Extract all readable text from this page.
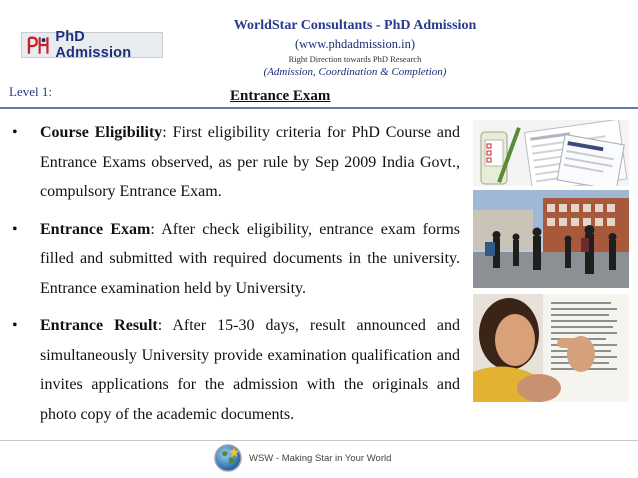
PhD Admission
WorldStar Consultants - PhD Admission
(www.phdadmission.in)
Right Direction towards PhD Research
(Admission, Coordination & Completion)
Level 1:	Entrance Exam
•	Course Eligibility: First eligibility criteria for PhD Course and Entrance Exams observed, as per rule by Sep 2009 India Govt., compulsory Entrance Exam.
•	Entrance Exam: After check eligibility, entrance exam forms filled and submitted with required documents in the university. Entrance examination held by University.
•	Entrance Result: After 15-30 days, result announced and simultaneously University provide examination qualification and invites applications for the admission with the originals and photo copy of the academic documents.
WSW - Making Star in Your World
